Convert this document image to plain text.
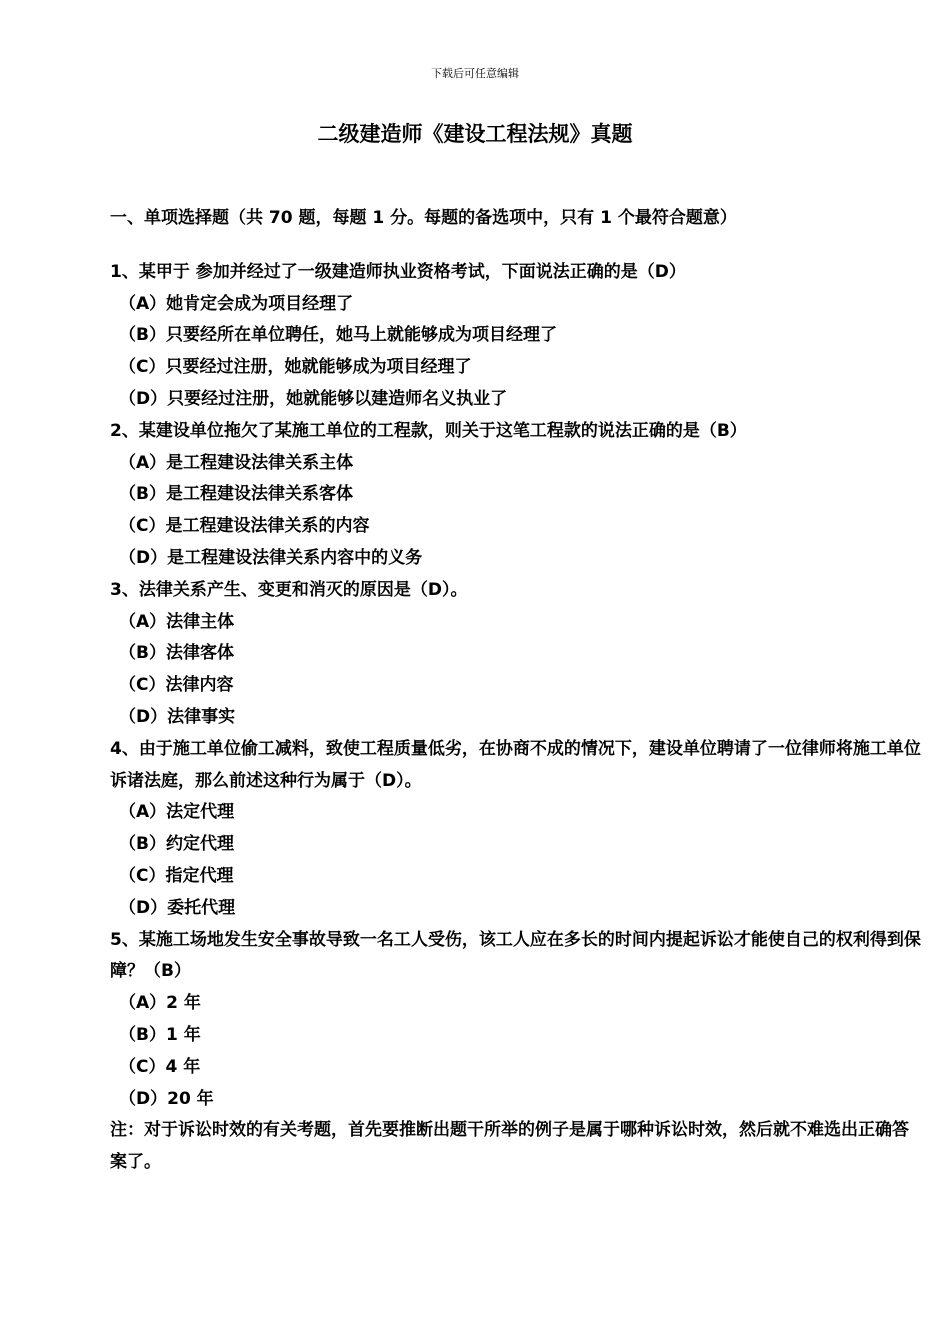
下载后可任意编辑
二级建造师《建设工程法规》真题
一、单项选择题（共 70 题，每题 1 分。每题的备选项中，只有 1 个最符合题意）

1、某甲于 参加并经过了一级建造师执业资格考试，下面说法正确的是（D）

（A）她肯定会成为项目经理了

（B）只要经所在单位聘任，她马上就能够成为项目经理了

（C）只要经过注册，她就能够成为项目经理了

（D）只要经过注册，她就能够以建造师名义执业了

2、某建设单位拖欠了某施工单位的工程款，则关于这笔工程款的说法正确的是（B）

（A）是工程建设法律关系主体

（B）是工程建设法律关系客体

（C）是工程建设法律关系的内容

（D）是工程建设法律关系内容中的义务

3、法律关系产生、变更和消灭的原因是（D）。

（A）法律主体

（B）法律客体

（C）法律内容

（D）法律事实

4、由于施工单位偷工减料，致使工程质量低劣，在协商不成的情况下，建设单位聘请了一位律师将施工单位诉诸法庭，那么前述这种行为属于（D）。

（A）法定代理

（B）约定代理

（C）指定代理

（D）委托代理

5、某施工场地发生安全事故导致一名工人受伤，该工人应在多长的时间内提起诉讼才能使自己的权利得到保障？（B）

（A）2 年

（B）1 年

（C）4 年

（D）20 年

注：对于诉讼时效的有关考题，首先要推断出题干所举的例子是属于哪种诉讼时效，然后就不难选出正确答案了。
